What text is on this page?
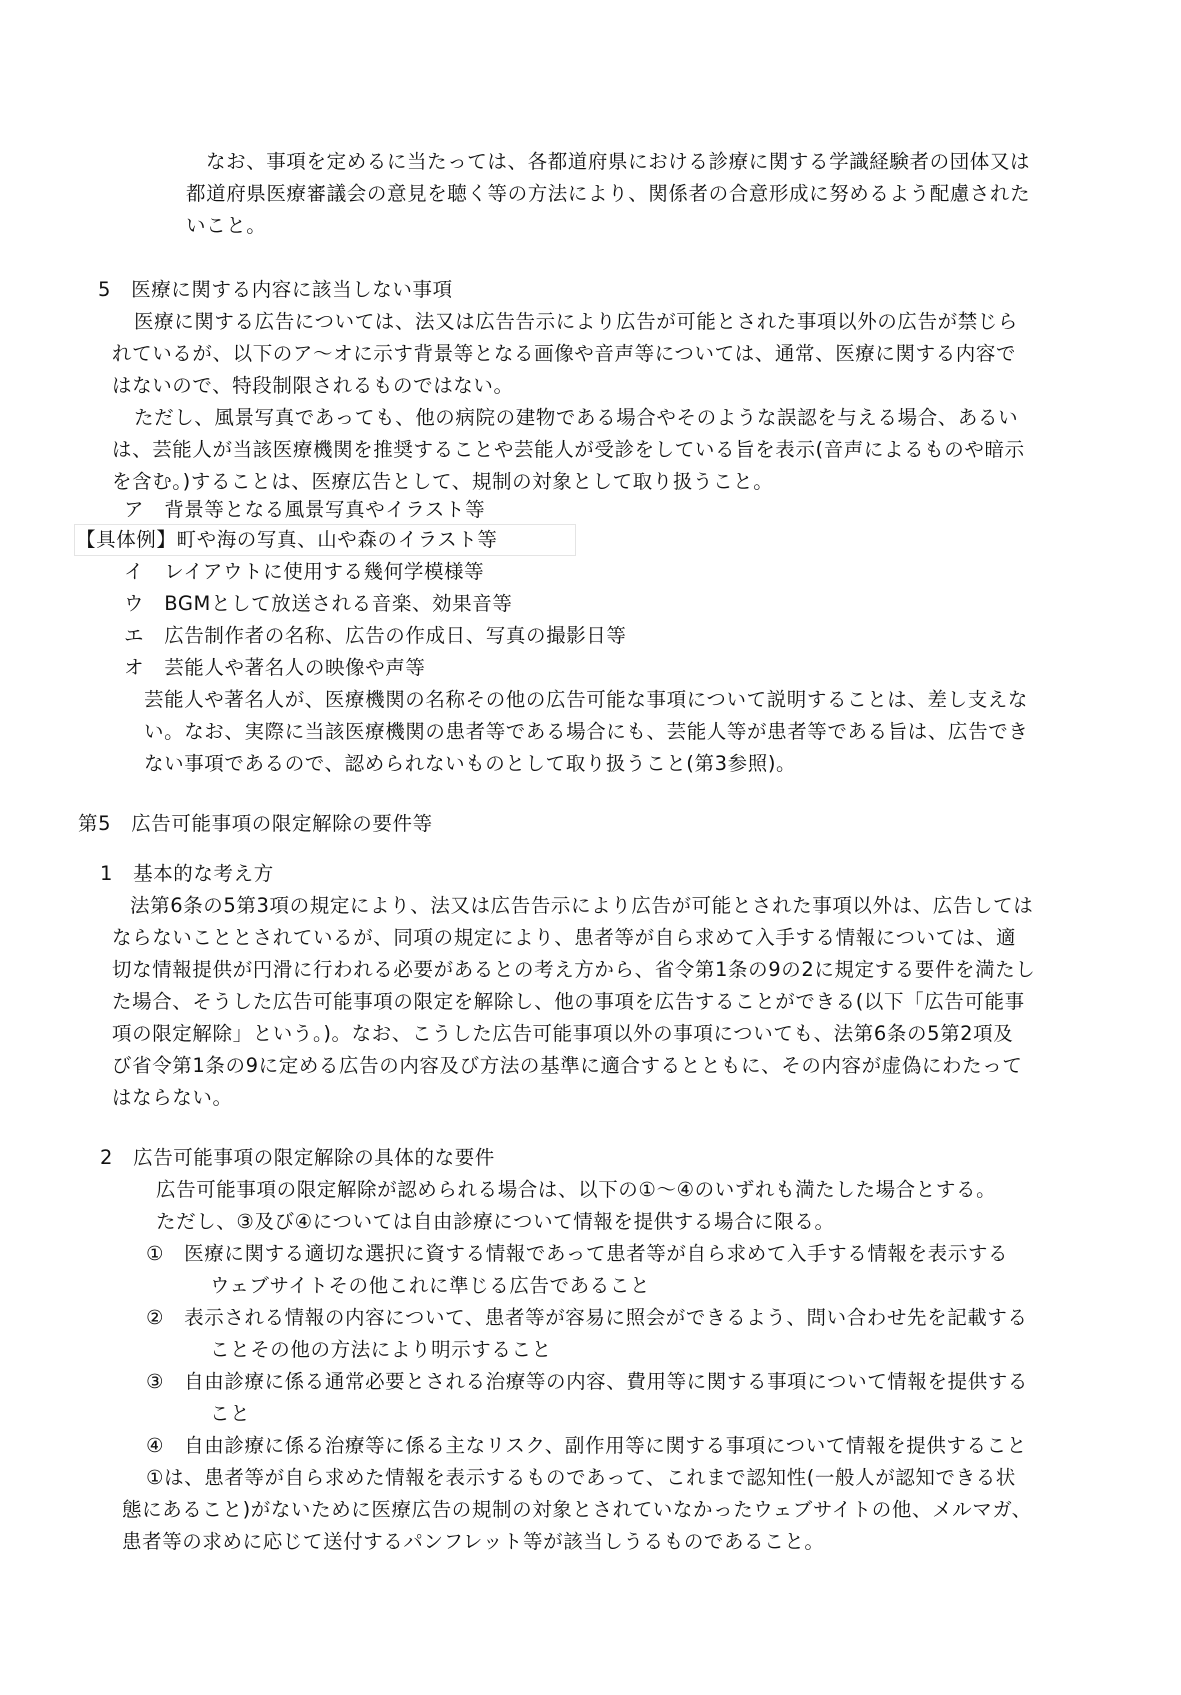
なお、事項を定めるに当たっては、各都道府県における診療に関する学識経験者の団体又は
都道府県医療審議会の意見を聴く等の方法により、関係者の合意形成に努めるよう配慮された
いこと。
5　医療に関する内容に該当しない事項
医療に関する広告については、法又は広告告示により広告が可能とされた事項以外の広告が禁じら
れているが、以下のア～オに示す背景等となる画像や音声等については、通常、医療に関する内容で
はないので、特段制限されるものではない。
ただし、風景写真であっても、他の病院の建物である場合やそのような誤認を与える場合、あるい
は、芸能人が当該医療機関を推奨することや芸能人が受診をしている旨を表示(音声によるものや暗示
を含む。)することは、医療広告として、規制の対象として取り扱うこと。
ア　背景等となる風景写真やイラスト等
【具体例】町や海の写真、山や森のイラスト等
イ　レイアウトに使用する幾何学模様等
ウ　BGMとして放送される音楽、効果音等
エ　広告制作者の名称、広告の作成日、写真の撮影日等
オ　芸能人や著名人の映像や声等
芸能人や著名人が、医療機関の名称その他の広告可能な事項について説明することは、差し支えな
い。なお、実際に当該医療機関の患者等である場合にも、芸能人等が患者等である旨は、広告でき
ない事項であるので、認められないものとして取り扱うこと(第3参照)。
第5　広告可能事項の限定解除の要件等
1　基本的な考え方
法第6条の5第3項の規定により、法又は広告告示により広告が可能とされた事項以外は、広告しては
ならないこととされているが、同項の規定により、患者等が自ら求めて入手する情報については、適
切な情報提供が円滑に行われる必要があるとの考え方から、省令第1条の9の2に規定する要件を満たし
た場合、そうした広告可能事項の限定を解除し、他の事項を広告することができる(以下「広告可能事
項の限定解除」という。)。なお、こうした広告可能事項以外の事項についても、法第6条の5第2項及
び省令第1条の9に定める広告の内容及び方法の基準に適合するとともに、その内容が虚偽にわたって
はならない。
2　広告可能事項の限定解除の具体的な要件
広告可能事項の限定解除が認められる場合は、以下の①～④のいずれも満たした場合とする。
ただし、③及び④については自由診療について情報を提供する場合に限る。
①　医療に関する適切な選択に資する情報であって患者等が自ら求めて入手する情報を表示する
ウェブサイトその他これに準じる広告であること
②　表示される情報の内容について、患者等が容易に照会ができるよう、問い合わせ先を記載する
ことその他の方法により明示すること
③　自由診療に係る通常必要とされる治療等の内容、費用等に関する事項について情報を提供する
こと
④　自由診療に係る治療等に係る主なリスク、副作用等に関する事項について情報を提供すること
①は、患者等が自ら求めた情報を表示するものであって、これまで認知性(一般人が認知できる状
態にあること)がないために医療広告の規制の対象とされていなかったウェブサイトの他、メルマガ、
患者等の求めに応じて送付するパンフレット等が該当しうるものであること。
